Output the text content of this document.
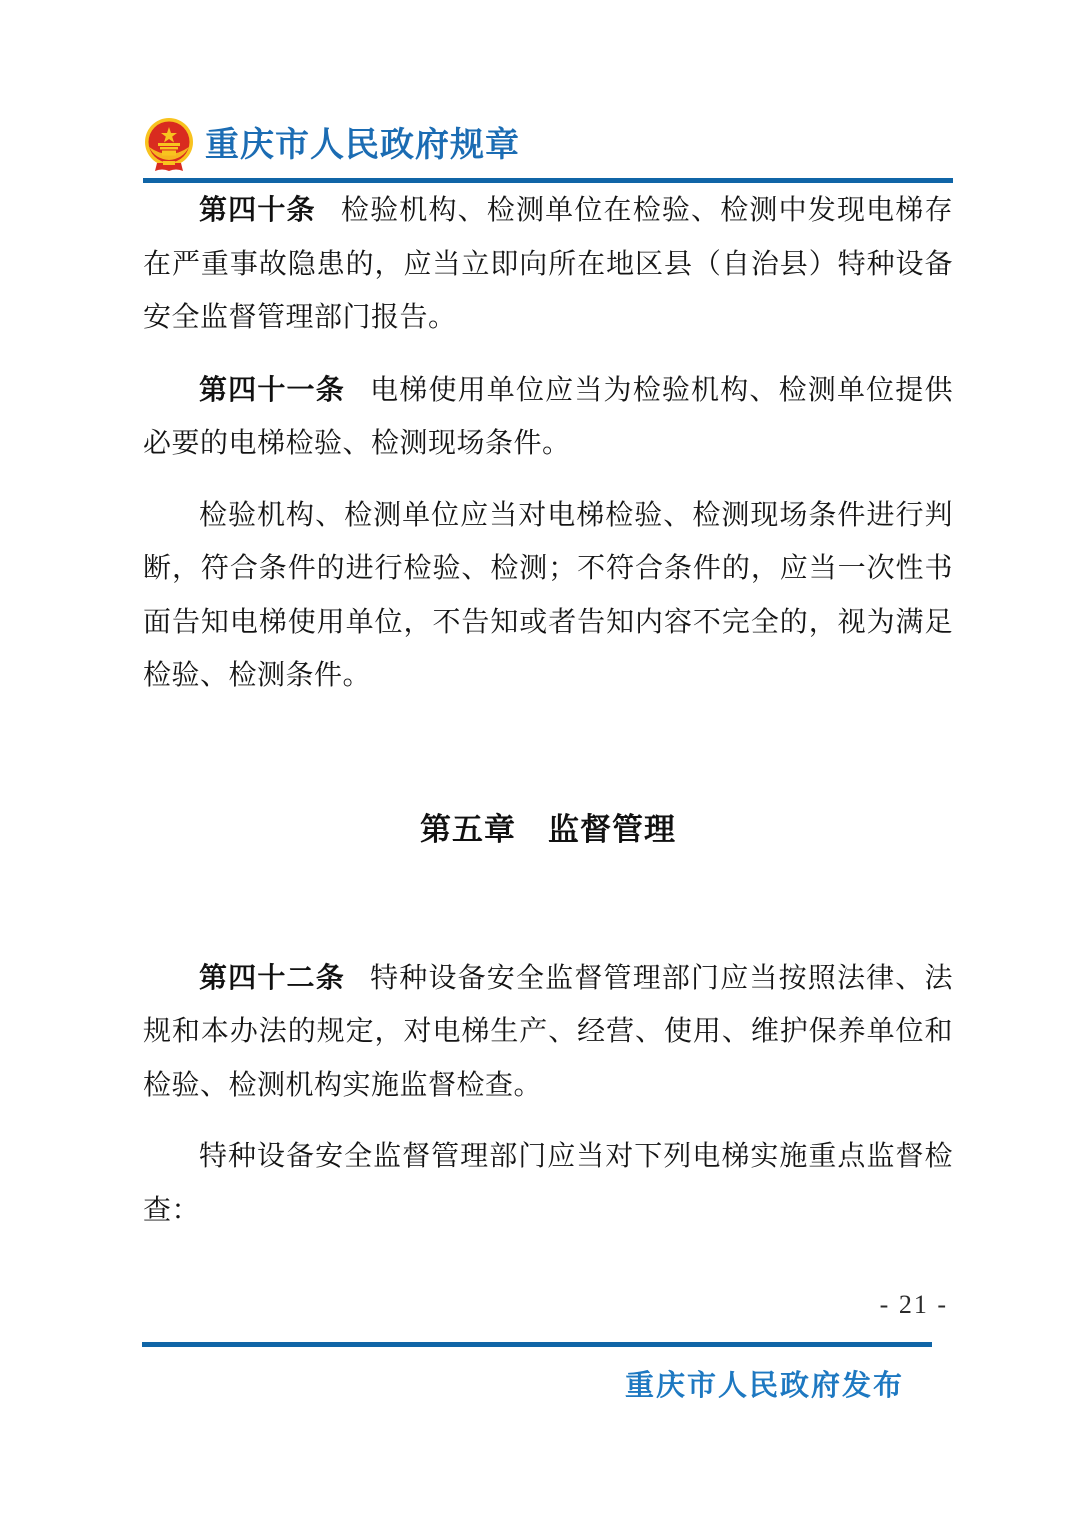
重庆市人民政府规章

第四十条 检验机构、检测单位在检验、检测中发现电梯存在严重事故隐患的，应当立即向所在地区县（自治县）特种设备安全监督管理部门报告。

第四十一条 电梯使用单位应当为检验机构、检测单位提供必要的电梯检验、检测现场条件。

检验机构、检测单位应当对电梯检验、检测现场条件进行判断，符合条件的进行检验、检测；不符合条件的，应当一次性书面告知电梯使用单位，不告知或者告知内容不完全的，视为满足检验、检测条件。

第五章　监督管理

第四十二条 特种设备安全监督管理部门应当按照法律、法规和本办法的规定，对电梯生产、经营、使用、维护保养单位和检验、检测机构实施监督检查。

特种设备安全监督管理部门应当对下列电梯实施重点监督检查：

- 21 -
重庆市人民政府发布
